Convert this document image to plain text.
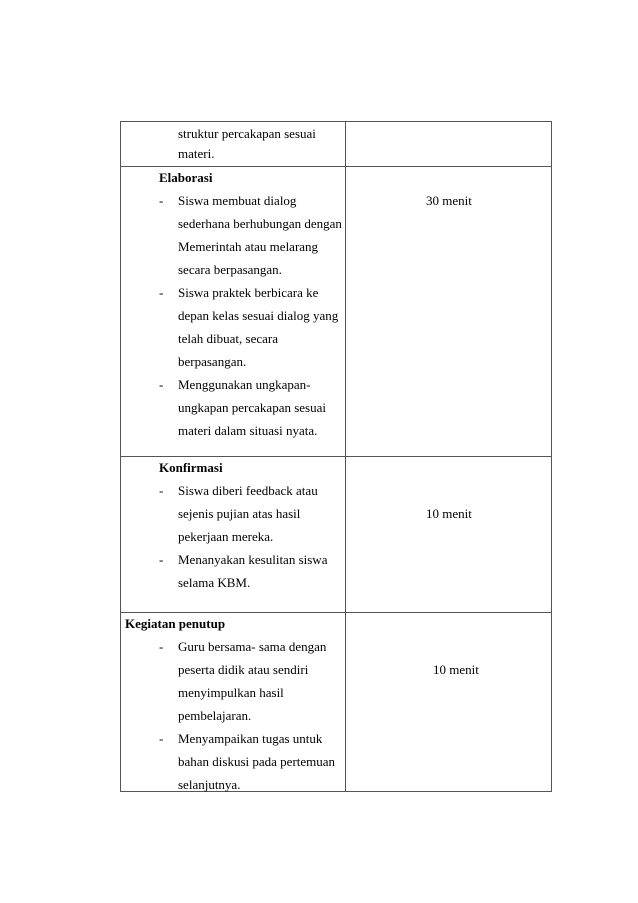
struktur percakapan sesuai
materi.
Elaborasi
- Siswa membuat dialog
sederhana berhubungan dengan
Memerintah atau melarang
secara berpasangan.
- Siswa praktek berbicara ke
depan kelas sesuai dialog yang
telah dibuat, secara
berpasangan.
- Menggunakan ungkapan-
ungkapan percakapan sesuai
materi dalam situasi nyata.
30 menit
Konfirmasi
- Siswa diberi feedback atau
sejenis pujian atas hasil
pekerjaan mereka.
- Menanyakan kesulitan siswa
selama KBM.
10 menit
Kegiatan penutup
- Guru bersama- sama dengan
peserta didik atau sendiri
menyimpulkan hasil
pembelajaran.
- Menyampaikan tugas untuk
bahan diskusi pada pertemuan
selanjutnya.
10 menit
